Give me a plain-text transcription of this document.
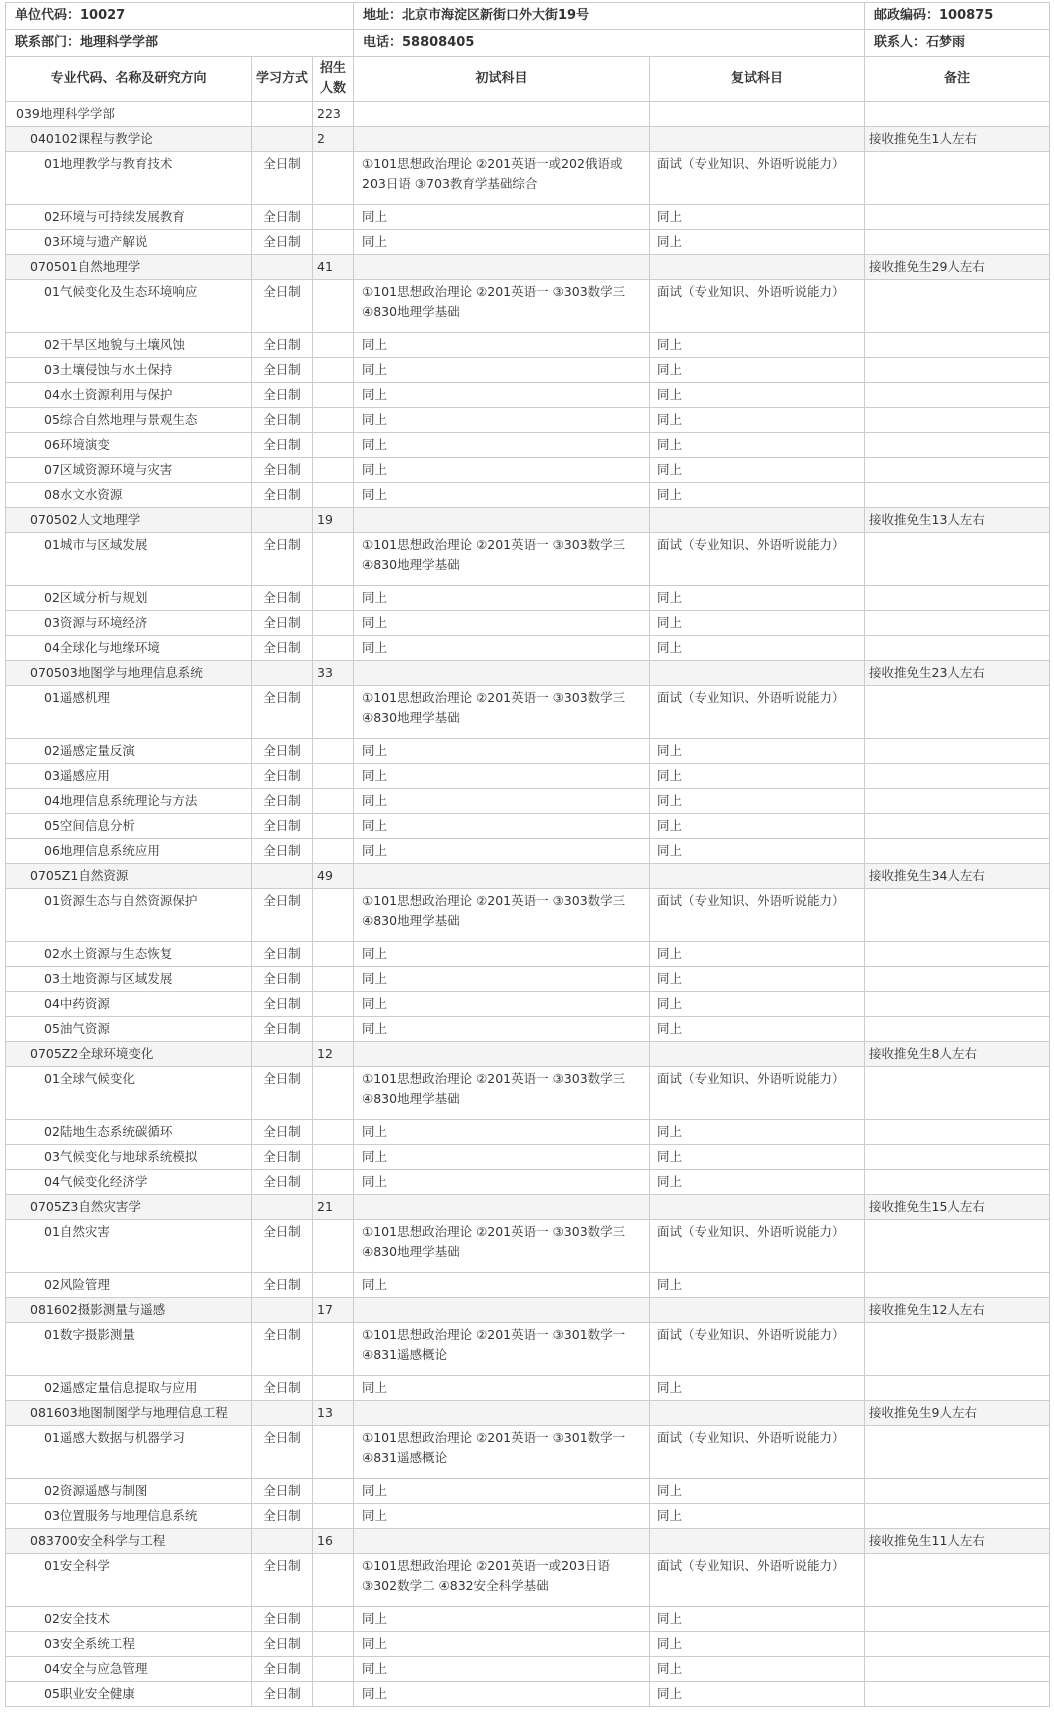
单位代码：10027			地址：北京市海淀区新街口外大街19号		邮政编码：100875
联系部门：地理科学学部			电话：58808405		联系人：石梦雨
专业代码、名称及研究方向	学习方式	招生人数	初试科目	复试科目	备注
039地理科学学部		223			
040102课程与教学论		2			接收推免生1人左右
01地理教学与教育技术	全日制		①101思想政治理论 ②201英语一或202俄语或203日语 ③703教育学基础综合	面试（专业知识、外语听说能力）	
02环境与可持续发展教育	全日制		同上	同上	
03环境与遗产解说	全日制		同上	同上	
070501自然地理学		41			接收推免生29人左右
01气候变化及生态环境响应	全日制		①101思想政治理论 ②201英语一 ③303数学三 ④830地理学基础	面试（专业知识、外语听说能力）	
02干旱区地貌与土壤风蚀	全日制		同上	同上	
03土壤侵蚀与水土保持	全日制		同上	同上	
04水土资源利用与保护	全日制		同上	同上	
05综合自然地理与景观生态	全日制		同上	同上	
06环境演变	全日制		同上	同上	
07区域资源环境与灾害	全日制		同上	同上	
08水文水资源	全日制		同上	同上	
070502人文地理学		19			接收推免生13人左右
01城市与区域发展	全日制		①101思想政治理论 ②201英语一 ③303数学三 ④830地理学基础	面试（专业知识、外语听说能力）	
02区域分析与规划	全日制		同上	同上	
03资源与环境经济	全日制		同上	同上	
04全球化与地缘环境	全日制		同上	同上	
070503地图学与地理信息系统		33			接收推免生23人左右
01遥感机理	全日制		①101思想政治理论 ②201英语一 ③303数学三 ④830地理学基础	面试（专业知识、外语听说能力）	
02遥感定量反演	全日制		同上	同上	
03遥感应用	全日制		同上	同上	
04地理信息系统理论与方法	全日制		同上	同上	
05空间信息分析	全日制		同上	同上	
06地理信息系统应用	全日制		同上	同上	
0705Z1自然资源		49			接收推免生34人左右
01资源生态与自然资源保护	全日制		①101思想政治理论 ②201英语一 ③303数学三 ④830地理学基础	面试（专业知识、外语听说能力）	
02水土资源与生态恢复	全日制		同上	同上	
03土地资源与区域发展	全日制		同上	同上	
04中药资源	全日制		同上	同上	
05油气资源	全日制		同上	同上	
0705Z2全球环境变化		12			接收推免生8人左右
01全球气候变化	全日制		①101思想政治理论 ②201英语一 ③303数学三 ④830地理学基础	面试（专业知识、外语听说能力）	
02陆地生态系统碳循环	全日制		同上	同上	
03气候变化与地球系统模拟	全日制		同上	同上	
04气候变化经济学	全日制		同上	同上	
0705Z3自然灾害学		21			接收推免生15人左右
01自然灾害	全日制		①101思想政治理论 ②201英语一 ③303数学三 ④830地理学基础	面试（专业知识、外语听说能力）	
02风险管理	全日制		同上	同上	
081602摄影测量与遥感		17			接收推免生12人左右
01数字摄影测量	全日制		①101思想政治理论 ②201英语一 ③301数学一 ④831遥感概论	面试（专业知识、外语听说能力）	
02遥感定量信息提取与应用	全日制		同上	同上	
081603地图制图学与地理信息工程		13			接收推免生9人左右
01遥感大数据与机器学习	全日制		①101思想政治理论 ②201英语一 ③301数学一 ④831遥感概论	面试（专业知识、外语听说能力）	
02资源遥感与制图	全日制		同上	同上	
03位置服务与地理信息系统	全日制		同上	同上	
083700安全科学与工程		16			接收推免生11人左右
01安全科学	全日制		①101思想政治理论 ②201英语一或203日语 ③302数学二 ④832安全科学基础	面试（专业知识、外语听说能力）	
02安全技术	全日制		同上	同上	
03安全系统工程	全日制		同上	同上	
04安全与应急管理	全日制		同上	同上	
05职业安全健康	全日制		同上	同上	
